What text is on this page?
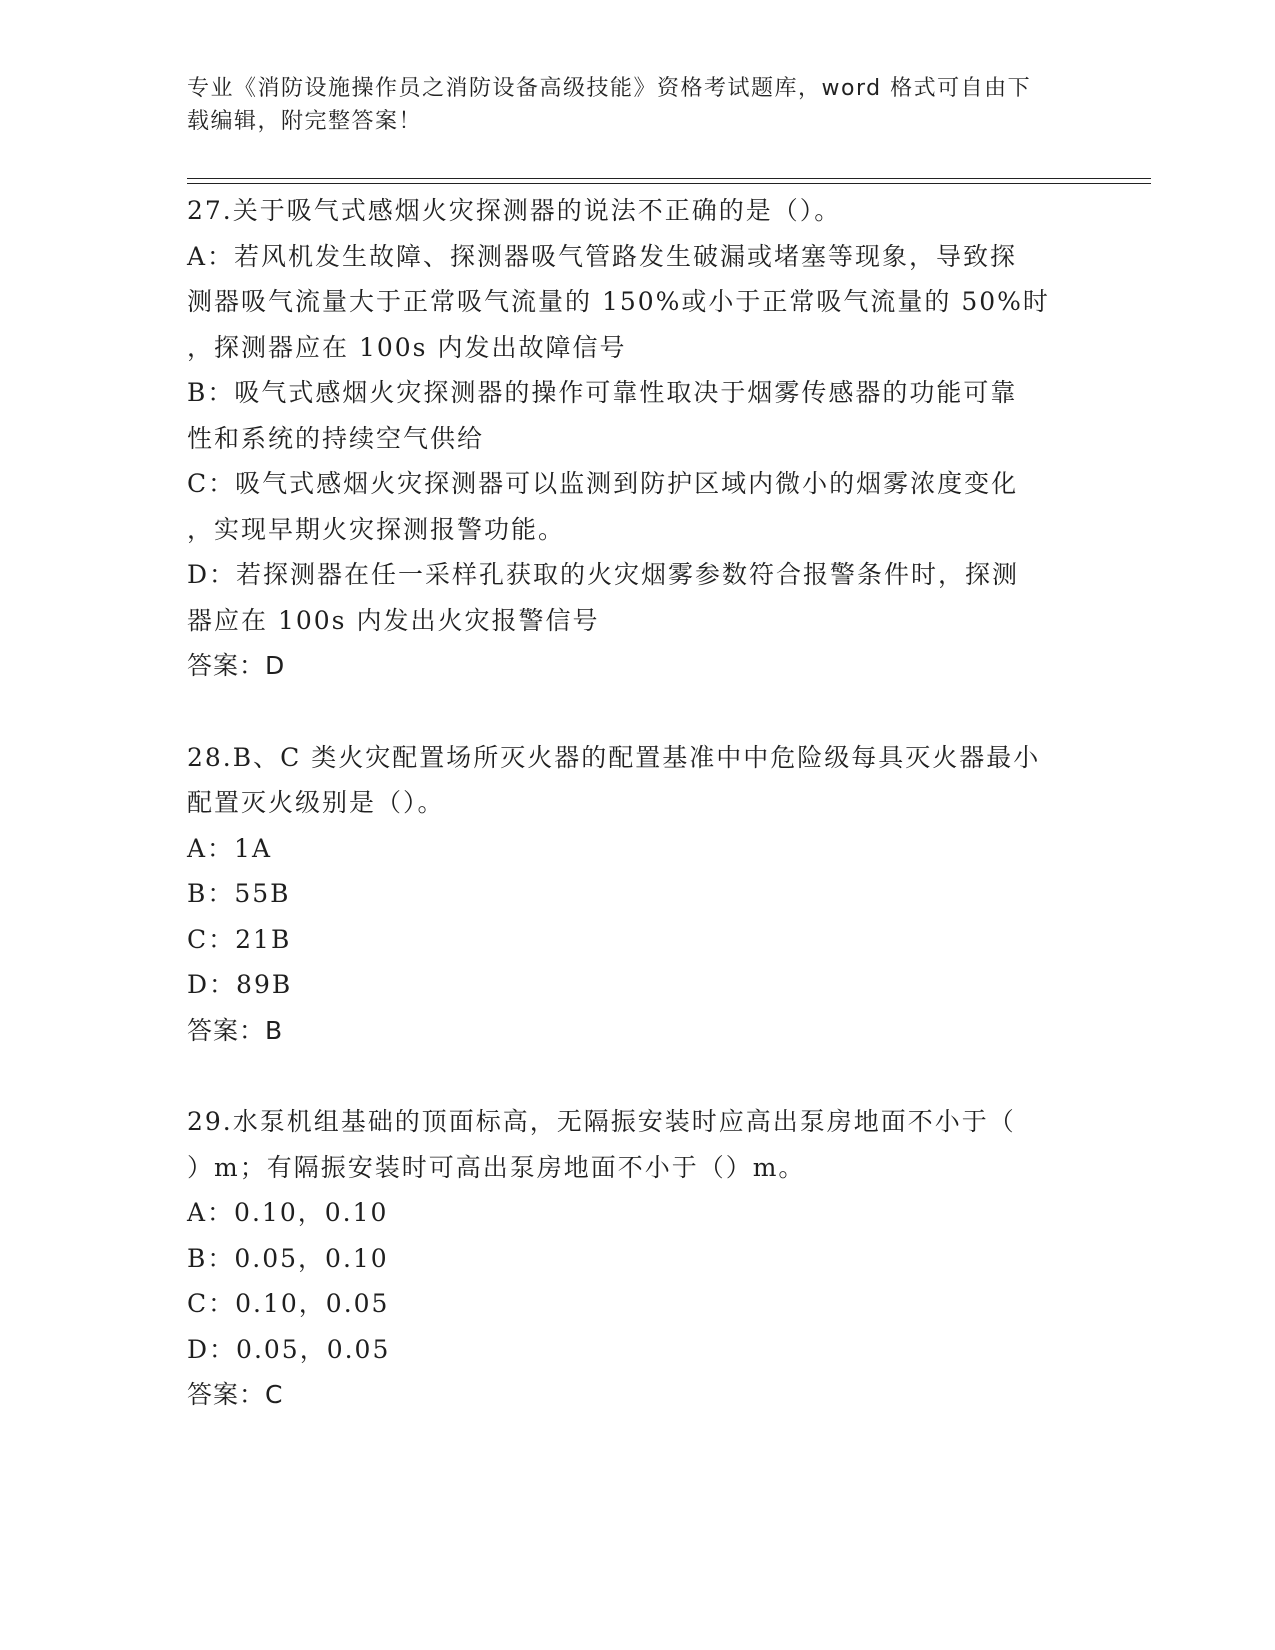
专业《消防设施操作员之消防设备高级技能》资格考试题库，word 格式可自由下
载编辑，附完整答案！
27.关于吸气式感烟火灾探测器的说法不正确的是（）。
A：若风机发生故障、探测器吸气管路发生破漏或堵塞等现象，导致探
测器吸气流量大于正常吸气流量的 150%或小于正常吸气流量的 50%时
，探测器应在 100s 内发出故障信号
B：吸气式感烟火灾探测器的操作可靠性取决于烟雾传感器的功能可靠
性和系统的持续空气供给
C：吸气式感烟火灾探测器可以监测到防护区域内微小的烟雾浓度变化
，实现早期火灾探测报警功能。
D：若探测器在任一采样孔获取的火灾烟雾参数符合报警条件时，探测
器应在 100s 内发出火灾报警信号
答案：D
28.B、C 类火灾配置场所灭火器的配置基准中中危险级每具灭火器最小
配置灭火级别是（）。
A：1A
B：55B
C：21B
D：89B
答案：B
29.水泵机组基础的顶面标高，无隔振安装时应高出泵房地面不小于（
）m；有隔振安装时可高出泵房地面不小于（）m。
A：0.10，0.10
B：0.05，0.10
C：0.10，0.05
D：0.05，0.05
答案：C
